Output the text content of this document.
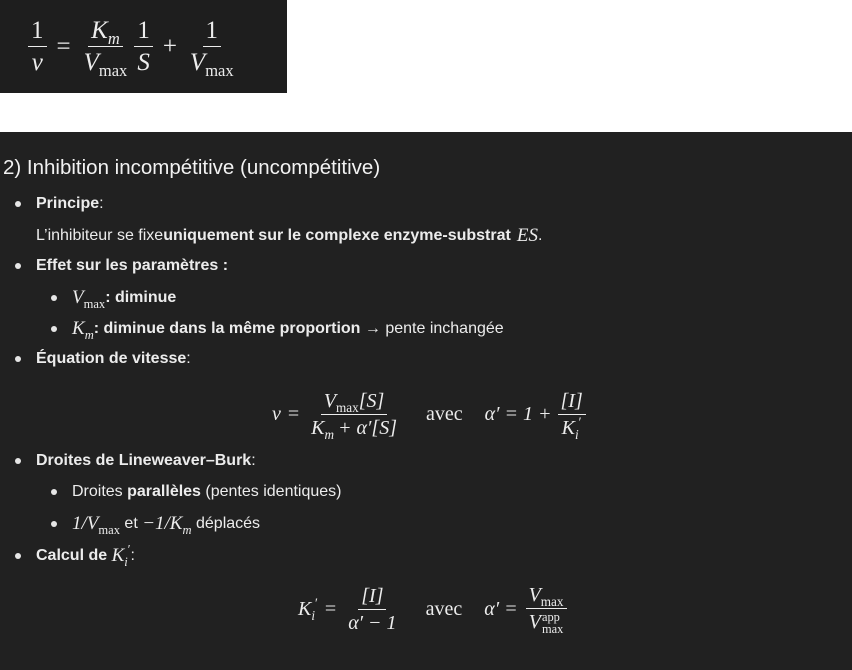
$\frac{1}{v} = \frac{K_m}{V_{max}} \frac{1}{S} + \frac{1}{V_{max}}$
2) Inhibition incompétitive (uncompétitive)
Principe :
L’inhibiteur se fixe uniquement sur le complexe enzyme-substrat ES .
Effet sur les paramètres :
$V_{max}$ : diminue
$K_m$ : diminue dans la même proportion → pente inchangée
Équation de vitesse :
$v = \frac{V_{max}[S]}{K_m + \alpha'[S]}$ avec $\alpha' = 1 + \frac{[I]}{K_i'}$
Droites de Lineweaver–Burk :
Droites parallèles (pentes identiques)
$1/V_{max}$ et $-1/K_m$ déplacés
Calcul de $K_i'$ :
$K_i' = \frac{[I]}{\alpha' - 1}$ avec $\alpha' = V_{max}$
V app
max
